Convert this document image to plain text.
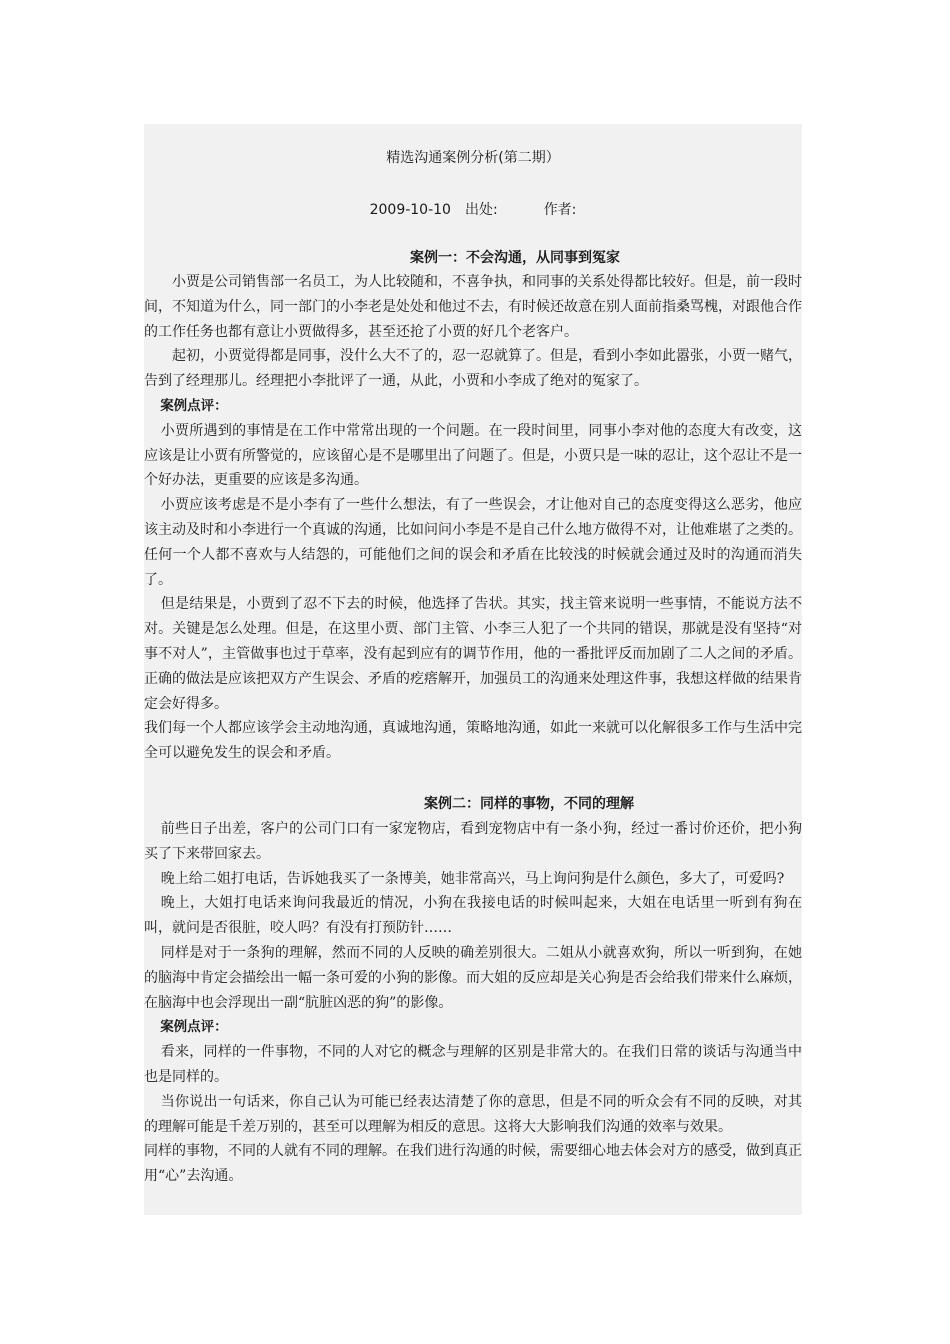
精选沟通案例分析(第二期）
2009-10-10 出处:	作者:
案例一：不会沟通，从同事到冤家

小贾是公司销售部一名员工，为人比较随和，不喜争执，和同事的关系处得都比较好。但是，前一段时间，不知道为什么，同一部门的小李老是处处和他过不去，有时候还故意在别人面前指桑骂槐，对跟他合作的工作任务也都有意让小贾做得多，甚至还抢了小贾的好几个老客户。

起初，小贾觉得都是同事，没什么大不了的，忍一忍就算了。但是，看到小李如此嚣张，小贾一赌气，告到了经理那儿。经理把小李批评了一通，从此，小贾和小李成了绝对的冤家了。

案例点评：

小贾所遇到的事情是在工作中常常出现的一个问题。在一段时间里，同事小李对他的态度大有改变，这应该是让小贾有所警觉的，应该留心是不是哪里出了问题了。但是，小贾只是一味的忍让，这个忍让不是一个好办法，更重要的应该是多沟通。

小贾应该考虑是不是小李有了一些什么想法，有了一些误会，才让他对自己的态度变得这么恶劣，他应该主动及时和小李进行一个真诚的沟通，比如问问小李是不是自己什么地方做得不对，让他难堪了之类的。任何一个人都不喜欢与人结怨的，可能他们之间的误会和矛盾在比较浅的时候就会通过及时的沟通而消失了。

但是结果是，小贾到了忍不下去的时候，他选择了告状。其实，找主管来说明一些事情，不能说方法不对。关键是怎么处理。但是，在这里小贾、部门主管、小李三人犯了一个共同的错误，那就是没有坚持“对事不对人”，主管做事也过于草率，没有起到应有的调节作用，他的一番批评反而加剧了二人之间的矛盾。正确的做法是应该把双方产生误会、矛盾的疙瘩解开，加强员工的沟通来处理这件事，我想这样做的结果肯定会好得多。

我们每一个人都应该学会主动地沟通，真诚地沟通，策略地沟通，如此一来就可以化解很多工作与生活中完全可以避免发生的误会和矛盾。

案例二：同样的事物，不同的理解

前些日子出差，客户的公司门口有一家宠物店，看到宠物店中有一条小狗，经过一番讨价还价，把小狗买了下来带回家去。

晚上给二姐打电话，告诉她我买了一条博美，她非常高兴，马上询问狗是什么颜色，多大了，可爱吗?

晚上，大姐打电话来询问我最近的情况，小狗在我接电话的时候叫起来，大姐在电话里一听到有狗在叫，就问是否很脏，咬人吗？有没有打预防针……

同样是对于一条狗的理解，然而不同的人反映的确差别很大。二姐从小就喜欢狗，所以一听到狗，在她的脑海中肯定会描绘出一幅一条可爱的小狗的影像。而大姐的反应却是关心狗是否会给我们带来什么麻烦，在脑海中也会浮现出一副“肮脏凶恶的狗”的影像。

案例点评：

看来，同样的一件事物，不同的人对它的概念与理解的区别是非常大的。在我们日常的谈话与沟通当中也是同样的。

当你说出一句话来，你自己认为可能已经表达清楚了你的意思，但是不同的听众会有不同的反映，对其的理解可能是千差万别的，甚至可以理解为相反的意思。这将大大影响我们沟通的效率与效果。

同样的事物，不同的人就有不同的理解。在我们进行沟通的时候，需要细心地去体会对方的感受，做到真正用“心”去沟通。
